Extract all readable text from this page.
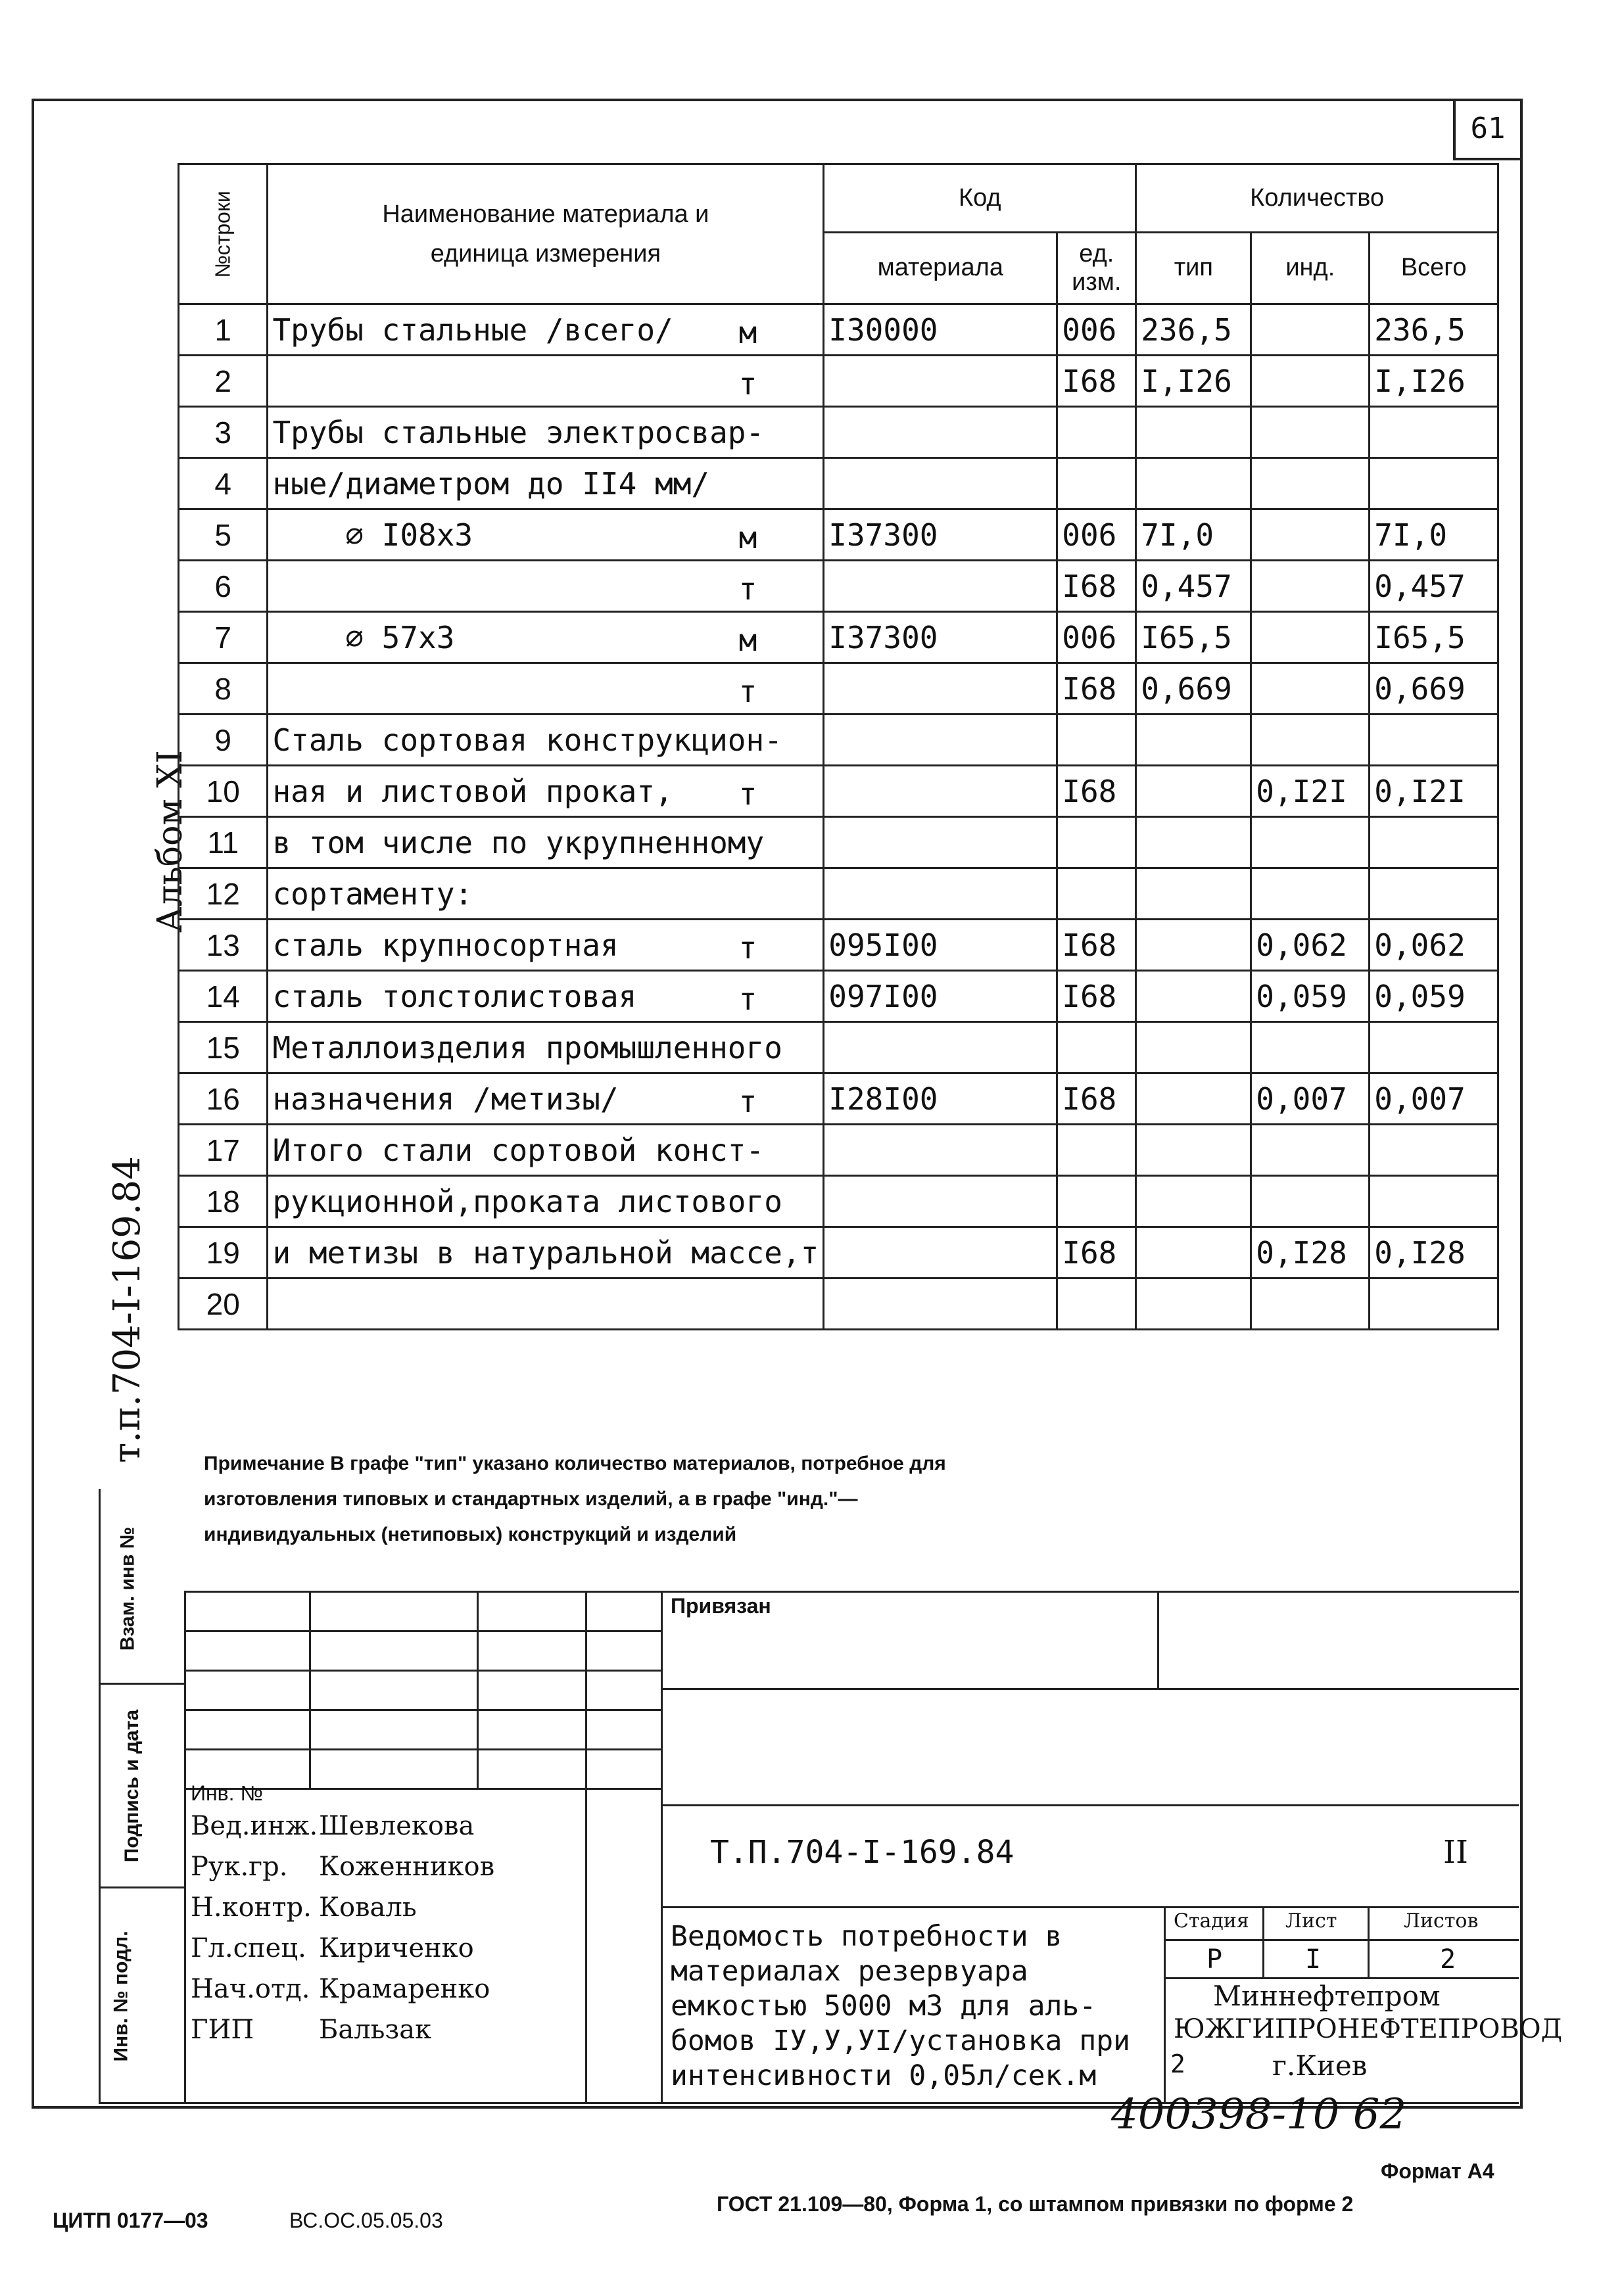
61
Альбом XI
т.п.704-I-169.84
№строки	Наименование материала и единица измерения	Код		Количество		
		материала	ед. изм.	тип	инд.	Всего
1	Трубы стальные /всего/ м	I30000	006	236,5		236,5
2	т		I68	I,I26		I,I26
3	Трубы стальные электросвар-

4	ные/диаметром до II4 мм/

5	∅ I08x3 м	I37300	006	7I,0		7I,0
6	т		I68	0,457		0,457
7	∅ 57x3 м	I37300	006	I65,5		I65,5
8	т		I68	0,669		0,669
9	Сталь сортовая конструкцион-

10	ная и листовой прокат, т		I68		0,I2I	0,I2I
11	в том числе по укрупненному

12	сортаменту:

13	сталь крупносортная т	095I00	I68		0,062	0,062
14	сталь толстолистовая т	097I00	I68		0,059	0,059
15	Металлоизделия промышленного

16	назначения /метизы/ т	I28I00	I68		0,007	0,007
17	Итого стали сортовой конст-

18	рукционной,проката листового

19	и метизы в натуральной массе,т		I68		0,I28	0,I28
20	

Примечание В графе "тип" указано количество материалов, потребное для изготовления типовых и стандартных изделий, а в графе "инд."— индивидуальных (нетиповых) конструкций и изделий
Взам. инв №
Подпись и дата
Инв. № подл.
Привязан
Инв. №
Вед.инж. Шевлекова
Рук.гр. Коженников
Н.контр. Коваль
Гл.спец. Кириченко
Нач.отд. Крамаренко
ГИП Бальзак
Т.П.704-I-169.84	II
Ведомость потребности в
материалах резервуара
емкостью 5000 м3 для аль-
бомов IУ,У,УI/установка при
интенсивности 0,05л/сек.м
Стадия Лист	Листов
Р	I	2
Миннефтепром
ЮЖГИПРОНЕФТЕПРОВОД
2	г.Киев
400398-10 62
Формат А4
ЦИТП 0177—03	ВС.ОС.05.05.03
ГОСТ 21.109—80, Форма 1, со штампом привязки по форме 2
